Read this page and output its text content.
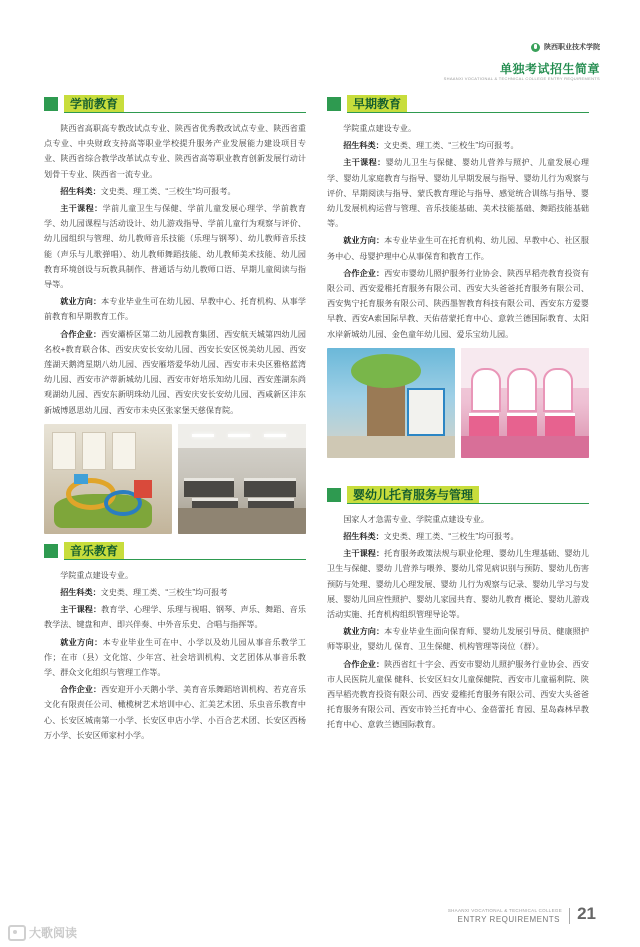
陕西职业技术学院
单独考试招生简章
SHAANXI VOCATIONAL & TECHNICAL COLLEGE ENTRY REQUIREMENTS
学前教育

陕西省高职高专教改试点专业、陕西省优秀教改试点专业、陕西省重点专业、中央财政支持高等职业学校提升服务产业发展能力建设项目专业、陕西省综合教学改革试点专业、陕西省高等职业教育创新发展行动计划骨干专业、陕西省一流专业。

招生科类：文史类、理工类、“三校生”均可报考。

主干课程：学前儿童卫生与保健、学前儿童发展心理学、学前教育学、幼儿园课程与活动设计、幼儿游戏指导、学前儿童行为观察与评价、幼儿园组织与管理、幼儿教师音乐技能（乐理与钢琴）、幼儿教师音乐技能（声乐与儿歌弹唱）、幼儿教师舞蹈技能、幼儿教师美术技能、幼儿园教育环境创设与玩教具制作、普通话与幼儿教师口语、早期儿童阅读与指导等。

就业方向：本专业毕业生可在幼儿园、早教中心、托育机构、从事学前教育和早期教育工作。

合作企业：西安灞桥区第二幼儿园教育集团、西安航天城第四幼儿园名校+教育联合体、西安庆安长安幼儿园、西安长安区悦美幼儿园、西安莲湖天鹅湾星期八幼儿园、西安雁塔爱华幼儿园、西安市未央区雅格蓝湾幼儿园、西安市浐蒂新城幼儿园、西安市好培乐知幼儿园、西安莲湖东尚观湖幼儿园、西安东新明珠幼儿园、西安庆安长安幼儿园、西咸新区沣东新城博恩思幼儿园、西安市未央区张家堡天慈保育院。

音乐教育

学院重点建设专业。

招生科类：文史类、理工类、“三校生”均可报考

主干课程：教育学、心理学、乐理与视唱、钢琴、声乐、舞蹈、音乐教学法、键盘和声、即兴伴奏、中外音乐史、合唱与指挥等。

就业方向：本专业毕业生可在中、小学以及幼儿园从事音乐教学工作；在市（县）文化馆、少年宫、社会培训机构、文艺团体从事音乐教学、群众文化组织与管理工作等。

合作企业：西安迎开小天鹅小学、美育音乐舞蹈培训机构、若克音乐文化有限责任公司、橄榄树艺术培训中心、汇美艺术团、乐虫音乐教育中心、长安区城南第一小学、长安区申店小学、小百合艺术团、长安区西杨万小学、长安区师家村小学。

早期教育

学院重点建设专业。

招生科类：文史类、理工类、“三校生”均可报考。

主干课程：婴幼儿卫生与保健、婴幼儿营养与照护、儿童发展心理学、婴幼儿家庭教育与指导、婴幼儿早期发展与指导、婴幼儿行为观察与评价、早期阅读与指导、蒙氏教育理论与指导、感觉统合训练与指导、婴幼儿发展机构运营与管理、音乐技能基础、美术技能基础、舞蹈技能基础等。

就业方向：本专业毕业生可在托育机构、幼儿园、早教中心、社区服务中心、母婴护理中心从事保育和教育工作。

合作企业：西安市婴幼儿照护服务行业协会、陕西早稻壳教育投资有限公司、西安爱稚托育服务有限公司、西安大头爸爸托育服务有限公司、西安隽宁托育服务有限公司、陕西墨智教育科技有限公司、西安东方爱婴早教、西安A索国际早教、天佑蓓蒙托育中心、意敦兰德国际教育、太阳水岸新城幼儿园、金色童年幼儿园、爱乐宝幼儿园。

婴幼儿托育服务与管理

国家人才急需专业、学院重点建设专业。

招生科类：文史类、理工类、“三校生”均可报考。

主干课程：托育服务政策法规与职业伦理、婴幼儿生理基础、婴幼儿卫生与保健、婴幼 儿营养与喂养、婴幼儿常见病识别与预防、婴幼儿伤害预防与处理、婴幼儿心理发展、婴幼 儿行为观察与记录、婴幼儿学习与发展、婴幼儿回应性照护、婴幼儿家园共育、婴幼儿教育 概论、婴幼儿游戏活动实施、托育机构组织管理导论等。

就业方向：本专业毕业生面向保育师、婴幼儿发展引导员、健康照护师等职业，婴幼儿 保育、卫生保健、机构管理等岗位（群）。

合作企业：陕西省红十字会、西安市婴幼儿照护服务行业协会、西安市人民医院儿童保 健科、长安区妇女儿童保健院、西安市儿童福利院、陕西早稻壳教育投资有限公司、西安 爱稚托育服务有限公司、西安大头爸爸托育服务有限公司、西安市铃兰托育中心、金蓓蕾托 育园、星岛森林早教托育中心、意敦兰德国际教育。

SHAANXI VOCATIONAL & TECHNICAL COLLEGE
ENTRY REQUIREMENTS 21
大歌阅读
